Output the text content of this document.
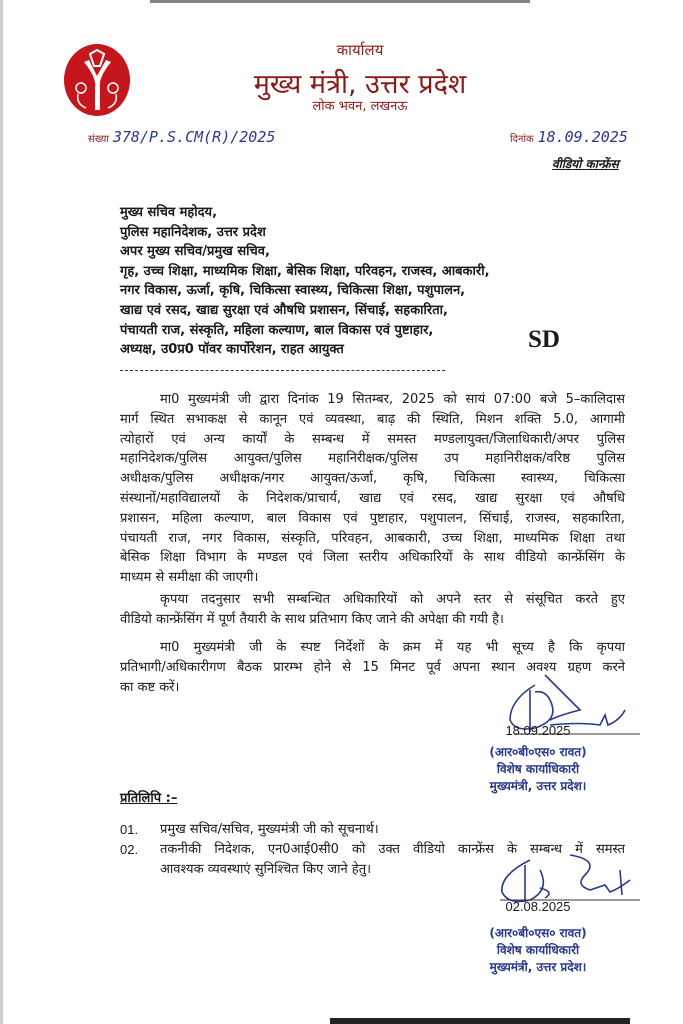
कार्यालय
मुख्य मंत्री, उत्तर प्रदेश
लोक भवन, लखनऊ
संख्या 378/P.S.CM(R)/2025	दिनांक 18.09.2025
वीडियो कान्फ्रेंस
मुख्य सचिव महोदय,
पुलिस महानिदेशक, उत्तर प्रदेश
अपर मुख्य सचिव/प्रमुख सचिव,
गृह, उच्च शिक्षा, माध्यमिक शिक्षा, बेसिक शिक्षा, परिवहन, राजस्व, आबकारी,
नगर विकास, ऊर्जा, कृषि, चिकित्सा स्वास्थ्य, चिकित्सा शिक्षा, पशुपालन,
खाद्य एवं रसद, खाद्य सुरक्षा एवं औषधि प्रशासन, सिंचाई, सहकारिता,
पंचायती राज, संस्कृति, महिला कल्याण, बाल विकास एवं पुष्टाहार,
अध्यक्ष, उ0प्र0 पॉवर कार्पोरेशन, राहत आयुक्त	SD
मा0 मुख्यमंत्री जी द्वारा दिनांक 19 सितम्बर, 2025 को सायं 07:00 बजे 5–कालिदास
मार्ग स्थित सभाकक्ष से कानून एवं व्यवस्था, बाढ़ की स्थिति, मिशन शक्ति 5.0, आगामी
त्योहारों एवं अन्य कार्यों के सम्बन्ध में समस्त मण्डलायुक्त/जिलाधिकारी/अपर पुलिस
महानिदेशक/पुलिस आयुक्त/पुलिस महानिरीक्षक/पुलिस उप महानिरीक्षक/वरिष्ठ पुलिस
अधीक्षक/पुलिस अधीक्षक/नगर आयुक्त/ऊर्जा, कृषि, चिकित्सा स्वास्थ्य, चिकित्सा
संस्थानों/महाविद्यालयों के निदेशक/प्राचार्य, खाद्य एवं रसद, खाद्य सुरक्षा एवं औषधि
प्रशासन, महिला कल्याण, बाल विकास एवं पुष्टाहार, पशुपालन, सिंचाई, राजस्व, सहकारिता,
पंचायती राज, नगर विकास, संस्कृति, परिवहन, आबकारी, उच्च शिक्षा, माध्यमिक शिक्षा तथा
बेसिक शिक्षा विभाग के मण्डल एवं जिला स्तरीय अधिकारियों के साथ वीडियो कान्फ्रेंसिंग के
माध्यम से समीक्षा की जाएगी।
कृपया तदनुसार सभी सम्बन्धित अधिकारियों को अपने स्तर से संसूचित करते हुए
वीडियो कान्फ्रेंसिंग में पूर्ण तैयारी के साथ प्रतिभाग किए जाने की अपेक्षा की गयी है।
मा0 मुख्यमंत्री जी के स्पष्ट निर्देशों के क्रम में यह भी सूच्य है कि कृपया
प्रतिभागी/अधिकारीगण बैठक प्रारम्भ होने से 15 मिनट पूर्व अपना स्थान अवश्य ग्रहण करने
का कष्ट करें।
18.09.2025
(आर०बी०एस० रावत)
विशेष कार्याधिकारी
मुख्यमंत्री, उत्तर प्रदेश।
प्रतिलिपि :–
01. प्रमुख सचिव/सचिव, मुख्यमंत्री जी को सूचनार्थ।
02. तकनीकी निदेशक, एन0आई0सी0 को उक्त वीडियो कान्फ्रेंस के सम्बन्ध में समस्त
आवश्यक व्यवस्थाएं सुनिश्चित किए जाने हेतु।
02.08.2025
(आर०बी०एस० रावत)
विशेष कार्याधिकारी
मुख्यमंत्री, उत्तर प्रदेश।
